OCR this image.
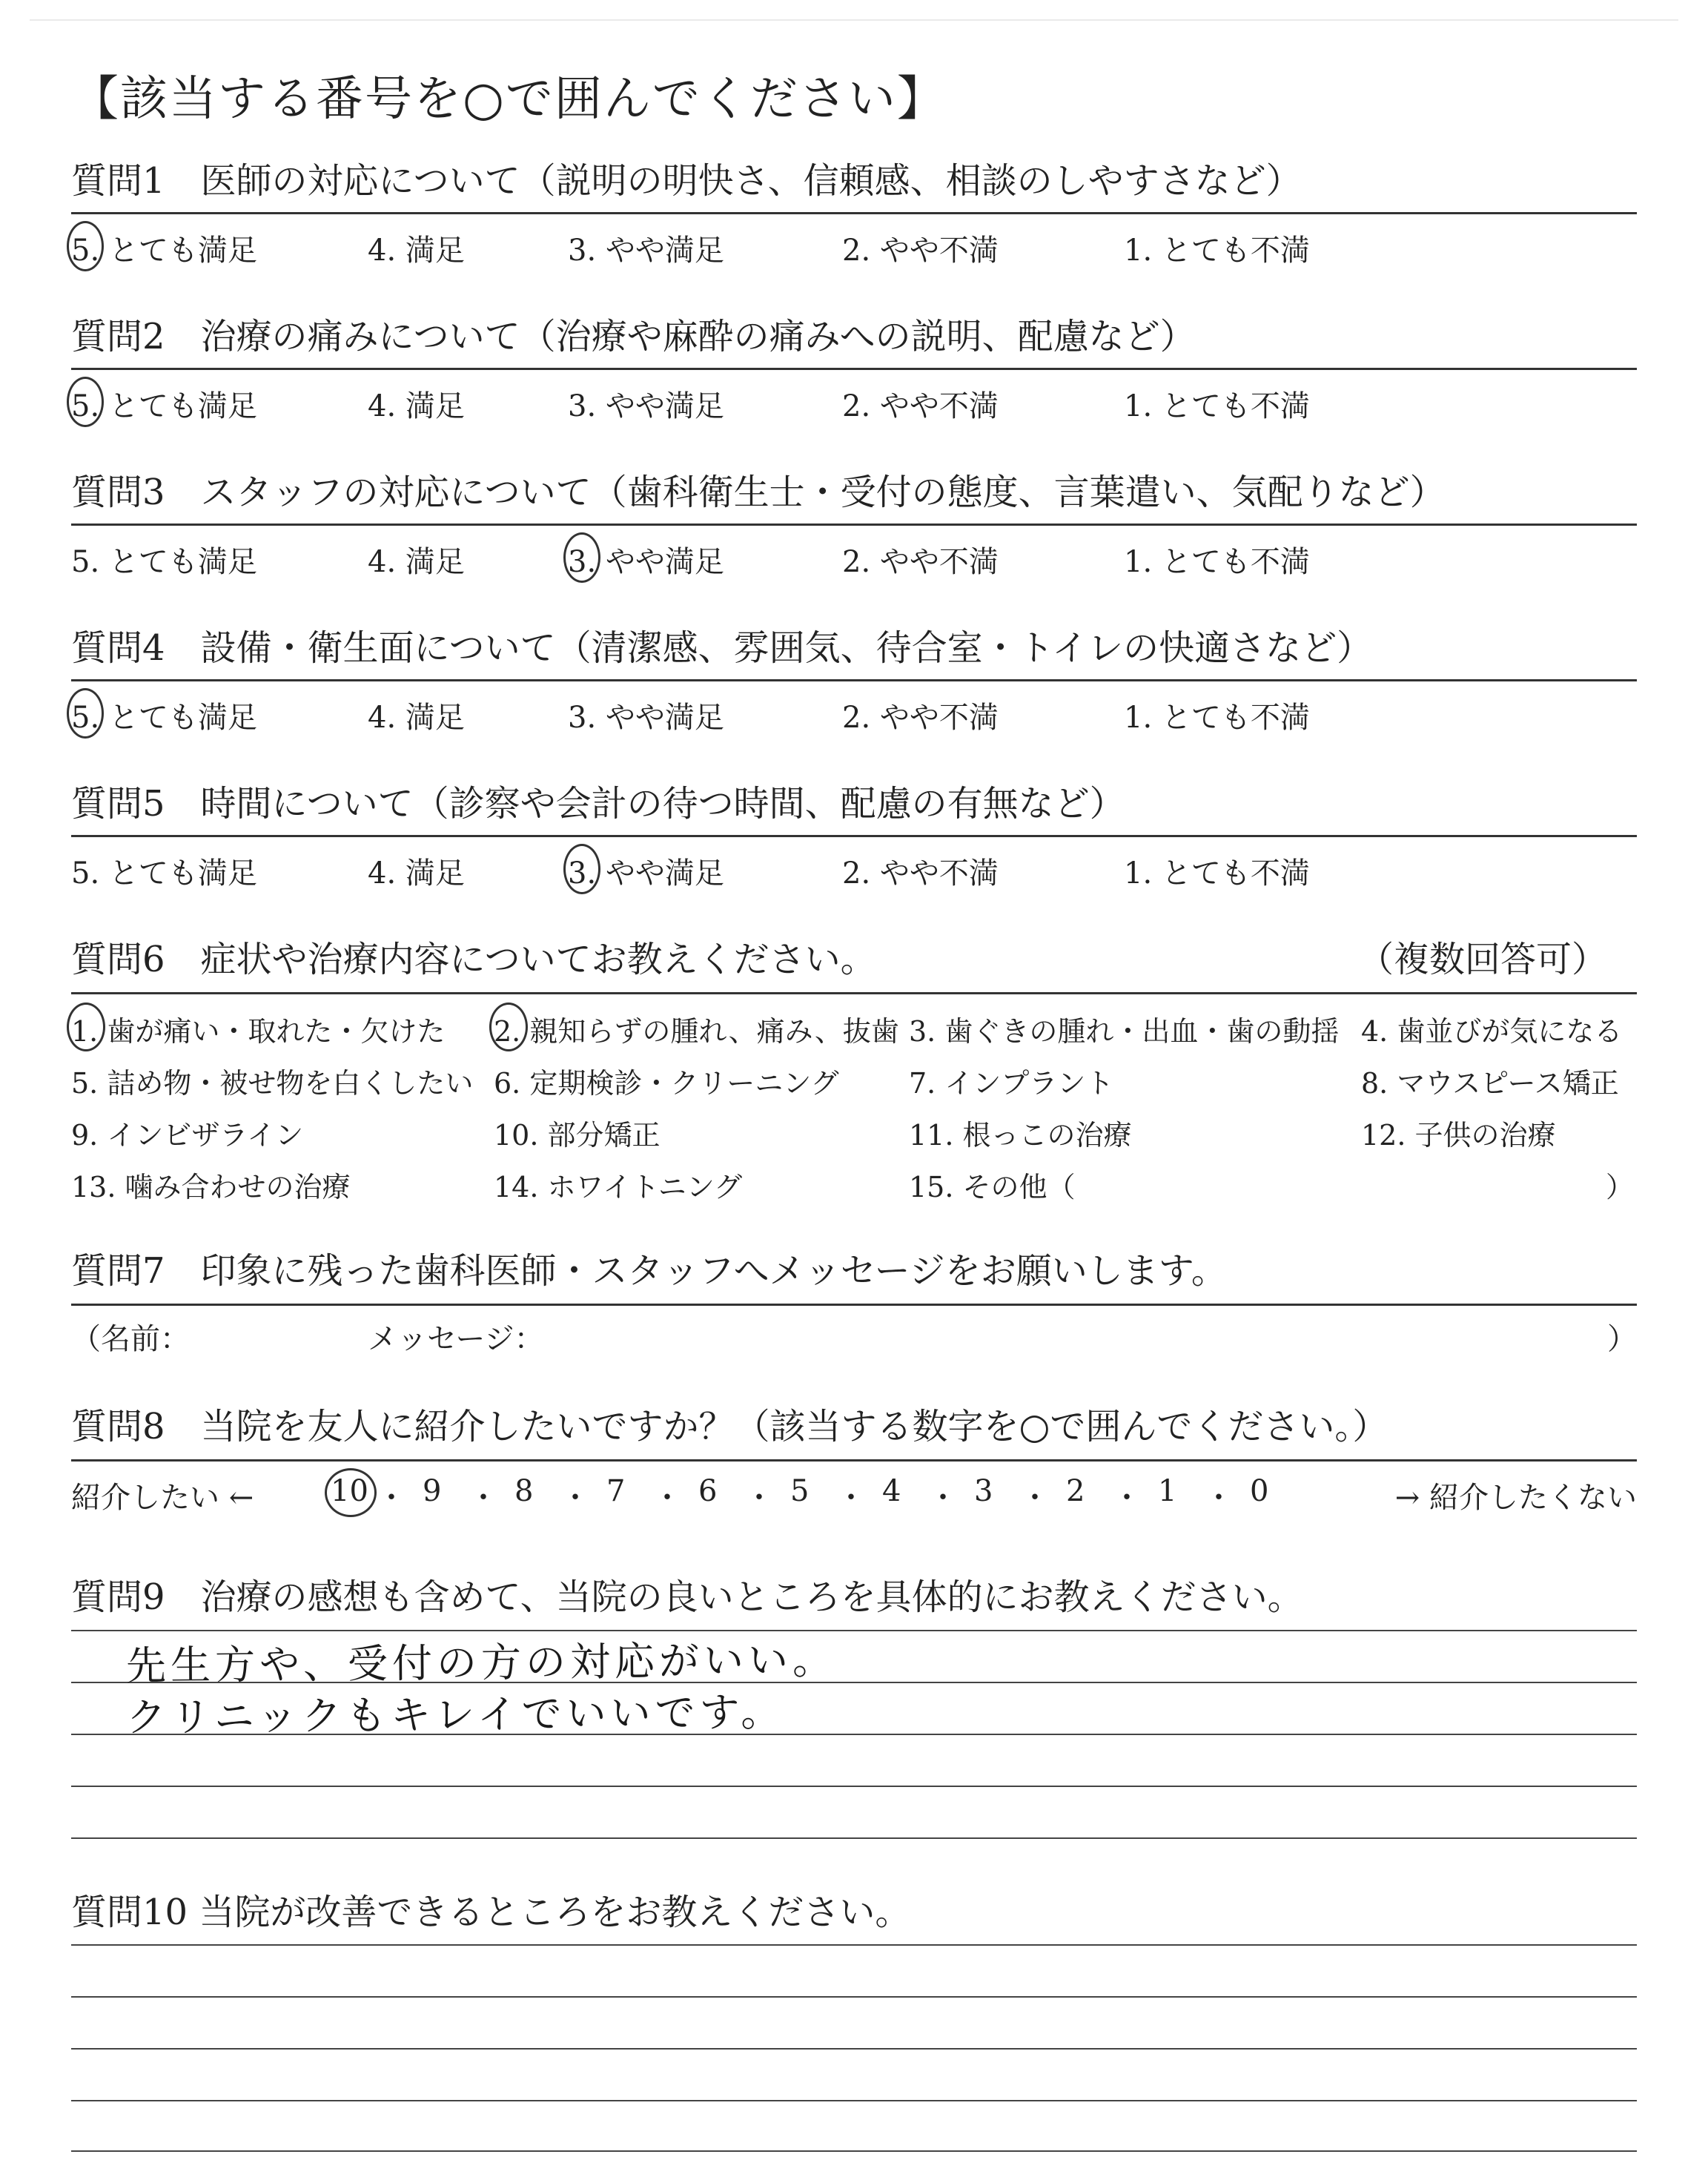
【該当する番号を○で囲んでください】
質問1　医師の対応について（説明の明快さ、信頼感、相談のしやすさなど）
5. とても満足	4. 満足	3. やや満足	2. やや不満	1. とても不満
質問2　治療の痛みについて（治療や麻酔の痛みへの説明、配慮など）
5. とても満足	4. 満足	3. やや満足	2. やや不満	1. とても不満
質問3　スタッフの対応について（歯科衛生士・受付の態度、言葉遣い、気配りなど）
5. とても満足	4. 満足	3. やや満足	2. やや不満	1. とても不満
質問4　設備・衛生面について（清潔感、雰囲気、待合室・トイレの快適さなど）
5. とても満足	4. 満足	3. やや満足	2. やや不満	1. とても不満
質問5　時間について（診察や会計の待つ時間、配慮の有無など）
5. とても満足	4. 満足	3. やや満足	2. やや不満	1. とても不満
質問6　症状や治療内容についてお教えください。	（複数回答可）
1. 歯が痛い・取れた・欠けた 2. 親知らずの腫れ、痛み、抜歯 3. 歯ぐきの腫れ・出血・歯の動揺 4. 歯並びが気になる
5. 詰め物・被せ物を白くしたい 6. 定期検診・クリーニング 7. インプラント	8. マウスピース矯正
9. インビザライン	10. 部分矯正	11. 根っこの治療	12. 子供の治療
13. 噛み合わせの治療	14. ホワイトニング	15. その他（	）
質問7　印象に残った歯科医師・スタッフへメッセージをお願いします。
（名前：	メッセージ：	）
質問8　当院を友人に紹介したいですか？（該当する数字を○で囲んでください。）
紹介したい ←	→ 紹介したくない
10 ・ 9 ・ 8 ・ 7 ・ 6 ・ 5 ・ 4 ・ 3 ・ 2 ・ 1 ・ 0
質問9　治療の感想も含めて、当院の良いところを具体的にお教えください。
先生方や、受付の方の対応がいい。
クリニックもキレイでいいです。
質問10 当院が改善できるところをお教えください。
